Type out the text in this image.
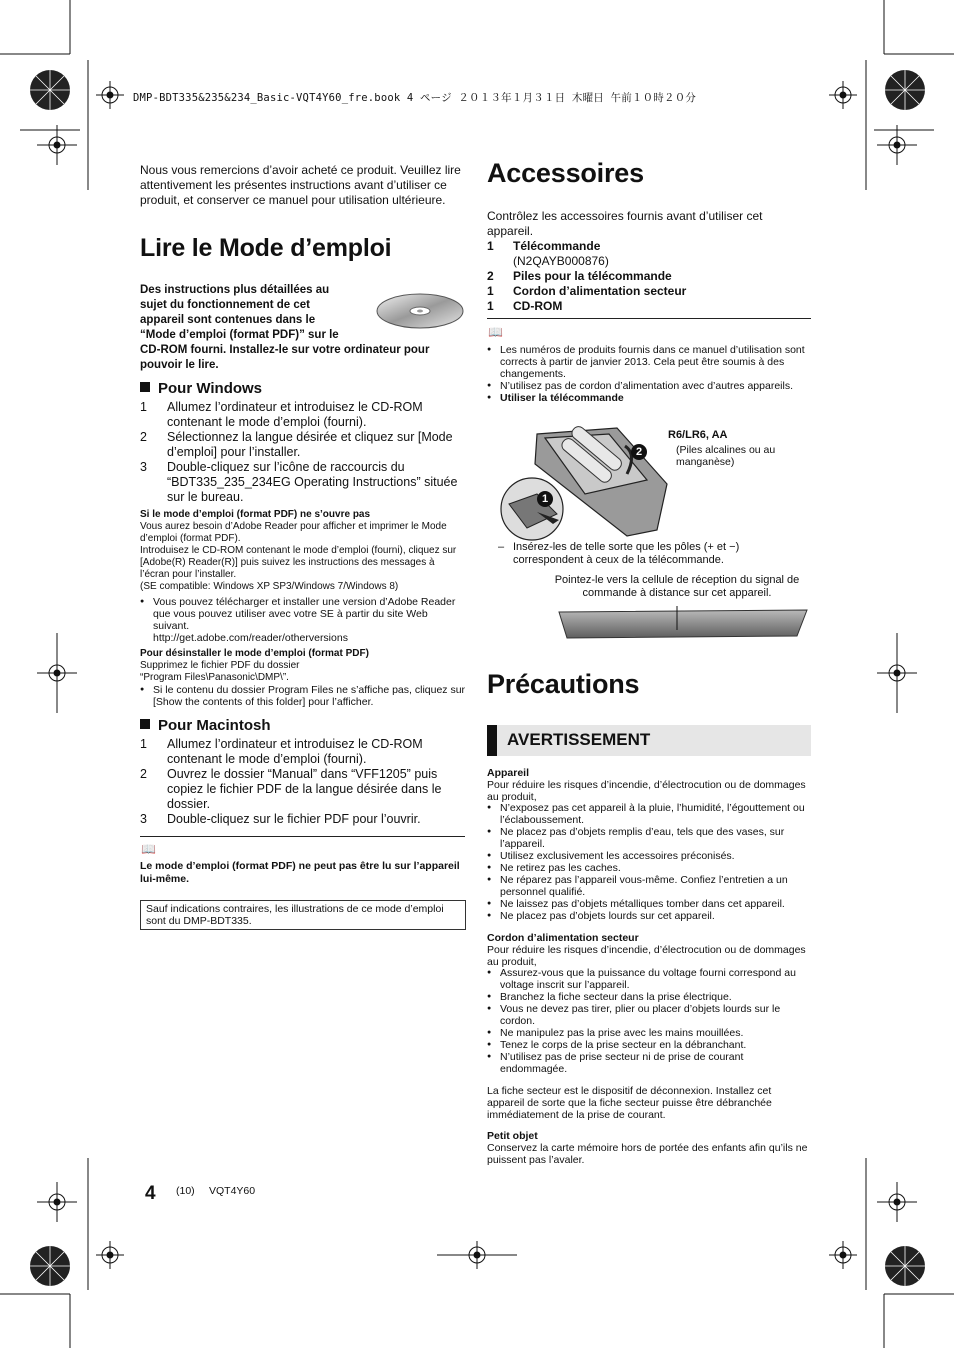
DMP-BDT335&235&234_Basic-VQT4Y60_fre.book 4 ページ ２０１３年１月３１日 木曜日 午前１０時２０分
Nous vous remercions d’avoir acheté ce produit. Veuillez lire attentivement les présentes instructions avant d’utiliser ce produit, et conserver ce manuel pour utilisation ultérieure.
Lire le Mode d’emploi
Des instructions plus détaillées au
sujet du fonctionnement de cet
appareil sont contenues dans le
“Mode d’emploi (format PDF)” sur le
CD-ROM fourni. Installez-le sur votre ordinateur pour
pouvoir le lire.
Pour Windows
1 Allumez l’ordinateur et introduisez le CD-ROM contenant le mode d’emploi (fourni).
2 Sélectionnez la langue désirée et cliquez sur [Mode d’emploi] pour l’installer.
3 Double-cliquez sur l’icône de raccourcis du “BDT335_235_234EG Operating Instructions” située sur le bureau.
Si le mode d’emploi (format PDF) ne s’ouvre pas
Vous aurez besoin d’Adobe Reader pour afficher et imprimer le Mode d’emploi (format PDF).
Introduisez le CD-ROM contenant le mode d’emploi (fourni), cliquez sur [Adobe(R) Reader(R)] puis suivez les instructions des messages à l’écran pour l’installer.
(SE compatible: Windows XP SP3/Windows 7/Windows 8)
● Vous pouvez télécharger et installer une version d’Adobe Reader que vous pouvez utiliser avec votre SE à partir du site Web suivant.
http://get.adobe.com/reader/otherversions
Pour désinstaller le mode d’emploi (format PDF)
Supprimez le fichier PDF du dossier
“Program Files\Panasonic\DMP\”.
● Si le contenu du dossier Program Files ne s’affiche pas, cliquez sur [Show the contents of this folder] pour l’afficher.
Pour Macintosh
1 Allumez l’ordinateur et introduisez le CD-ROM contenant le mode d’emploi (fourni).
2 Ouvrez le dossier “Manual” dans “VFF1205” puis copiez le fichier PDF de la langue désirée dans le dossier.
3 Double-cliquez sur le fichier PDF pour l’ouvrir.
📖
Le mode d’emploi (format PDF) ne peut pas être lu sur l’appareil lui-même.
Sauf indications contraires, les illustrations de ce mode d’emploi sont du DMP-BDT335.
Accessoires
Contrôlez les accessoires fournis avant d’utiliser cet appareil.
1	Télécommande
(N2QAYB000876)
2	Piles pour la télécommande
1	Cordon d’alimentation secteur
1	CD-ROM
📖
● Les numéros de produits fournis dans ce manuel d’utilisation sont corrects à partir de janvier 2013. Cela peut être soumis à des changements.
● N’utilisez pas de cordon d’alimentation avec d’autres appareils.
● Utiliser la télécommande
2
1
R6/LR6, AA
(Piles alcalines ou au manganèse)
– Insérez-les de telle sorte que les pôles (+ et −) correspondent à ceux de la télécommande.
Pointez-le vers la cellule de réception du signal de commande à distance sur cet appareil.
Précautions
AVERTISSEMENT
Appareil
Pour réduire les risques d’incendie, d’électrocution ou de dommages au produit,
● N’exposez pas cet appareil à la pluie, l’humidité, l’égouttement ou l’éclaboussement.
● Ne placez pas d’objets remplis d’eau, tels que des vases, sur l’appareil.
● Utilisez exclusivement les accessoires préconisés.
● Ne retirez pas les caches.
● Ne réparez pas l’appareil vous-même. Confiez l’entretien a un personnel qualifié.
● Ne laissez pas d’objets métalliques tomber dans cet appareil.
● Ne placez pas d’objets lourds sur cet appareil.
Cordon d’alimentation secteur
Pour réduire les risques d’incendie, d’électrocution ou de dommages au produit,
● Assurez-vous que la puissance du voltage fourni correspond au voltage inscrit sur l’appareil.
● Branchez la fiche secteur dans la prise électrique.
● Vous ne devez pas tirer, plier ou placer d’objets lourds sur le cordon.
● Ne manipulez pas la prise avec les mains mouillées.
● Tenez le corps de la prise secteur en la débranchant.
● N’utilisez pas de prise secteur ni de prise de courant endommagée.
La fiche secteur est le dispositif de déconnexion. Installez cet appareil de sorte que la fiche secteur puisse être débranchée immédiatement de la prise de courant.
Petit objet
Conservez la carte mémoire hors de portée des enfants afin qu’ils ne puissent pas l’avaler.
4 (10) VQT4Y60
